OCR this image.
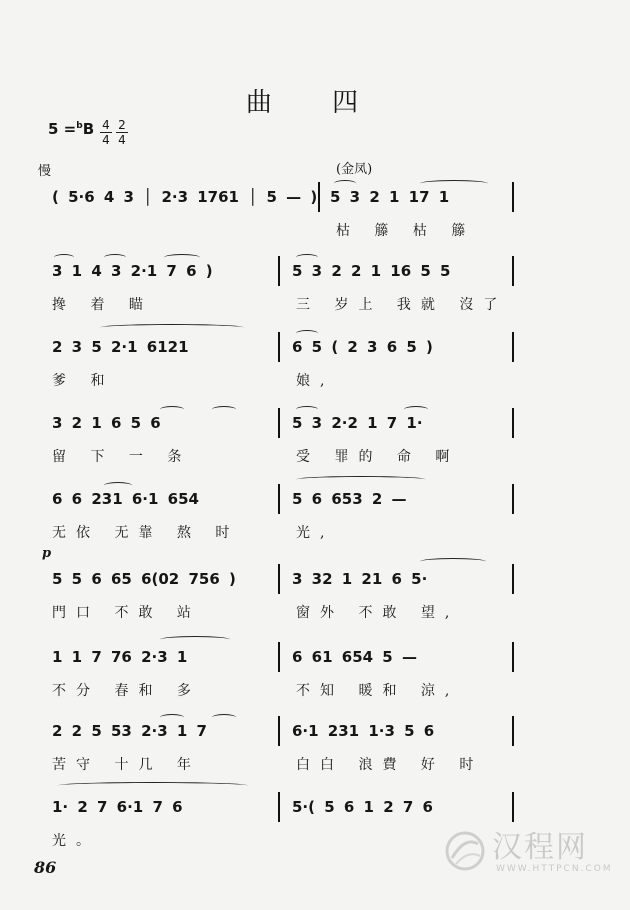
曲 四
5 =$^b$B 4
4
2
4
慢	(金凤)
p
( 5·6 4 3 │ 2·3 1761 │ 5 — ) 5 3 2 1 17 1
枯 籐 枯 籐
3 1 4 3 2·1 7 6 )
搀 着 瞄
5 3 2 2 1 16 5 5
三 岁上 我就 沒了
2 3 5 2·1 6121
爹 和
6 5 ( 2 3 6 5 )
娘,
3 2 1 6 5 6
留 下 一 条
5 3 2·2 1 7 1·
受 罪的 命 啊
6 6 231 6·1 654
无依 无靠 熬 时
5 6 653 2 —
光,
5 5 6 65 6(02 756 )
門口 不敢 站
3 32 1 21 6 5·
窗外 不敢 望,
1 1 7 76 2·3 1
不分 春和 多
6 61 654 5 —
不知 暖和 涼,
2 2 5 53 2·3 1 7
苦守 十几 年
6·1 231 1·3 5 6
白白 浪費 好 时
1· 2 7 6·1 7 6
光。
5·( 5 6 1 2 7 6
86
汉程网
WWW.HTTPCN.COM
